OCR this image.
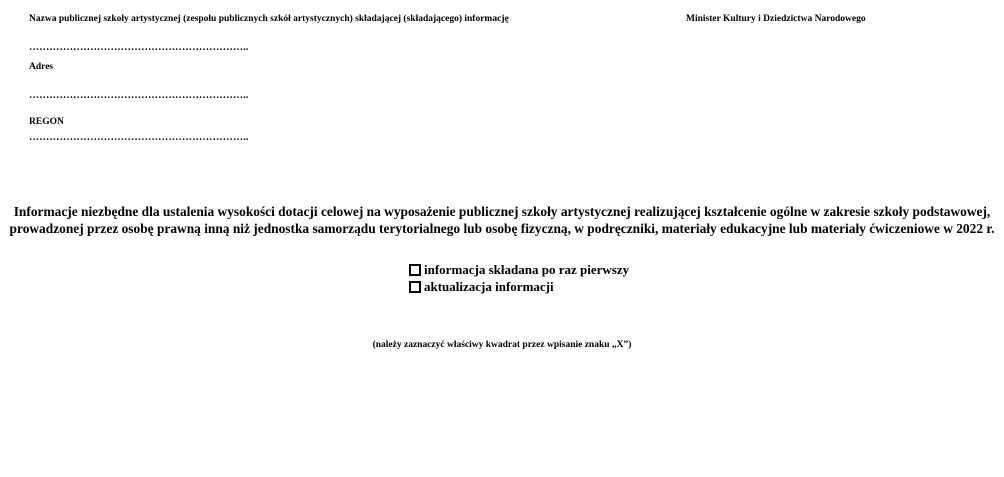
Nazwa publicznej szkoły artystycznej (zespołu publicznych szkół artystycznych) składającej (składającego) informację	Minister Kultury i Dziedzictwa Narodowego
………………………………………………………..
Adres
………………………………………………………..
REGON
………………………………………………………..
Informacje niezbędne dla ustalenia wysokości dotacji celowej na wyposażenie publicznej szkoły artystycznej realizującej kształcenie ogólne w zakresie szkoły podstawowej,
prowadzonej przez osobę prawną inną niż jednostka samorządu terytorialnego lub osobę fizyczną, w podręczniki, materiały edukacyjne lub materiały ćwiczeniowe w 2022 r.
informacja składana po raz pierwszy
aktualizacja informacji
(należy zaznaczyć właściwy kwadrat przez wpisanie znaku „X”)
